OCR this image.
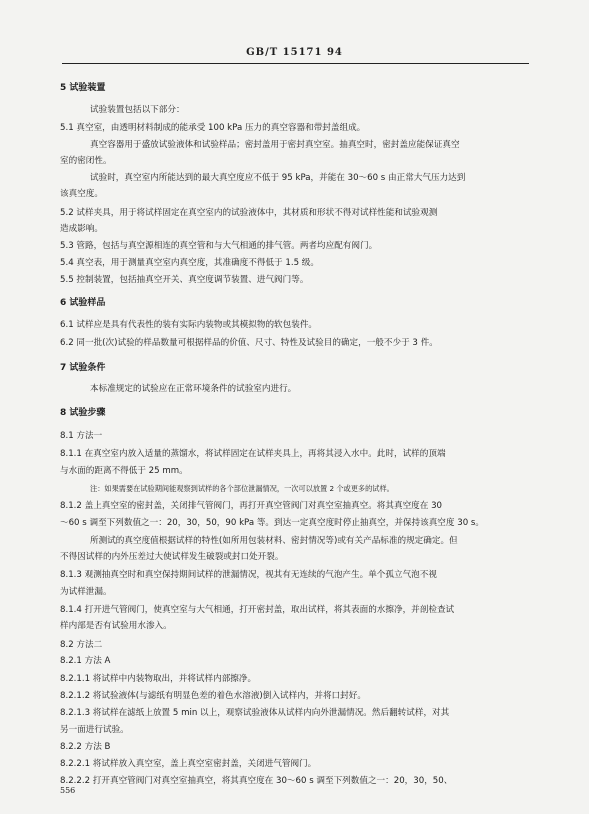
GB/T 15171 94
5 试验装置
试验装置包括以下部分：
5.1 真空室，由透明材料制成的能承受 100 kPa 压力的真空容器和带封盖组成。
真空容器用于盛放试验液体和试验样品；密封盖用于密封真空室。抽真空时，密封盖应能保证真空
室的密闭性。
试验时，真空室内所能达到的最大真空度应不低于 95 kPa，并能在 30～60 s 由正常大气压力达到
该真空度。
5.2 试样夹具，用于将试样固定在真空室内的试验液体中，其材质和形状不得对试样性能和试验观测
造成影响。
5.3 管路，包括与真空源相连的真空管和与大气相通的排气管。两者均应配有阀门。
5.4 真空表，用于测量真空室内真空度，其准确度不得低于 1.5 级。
5.5 控制装置，包括抽真空开关、真空度调节装置、进气阀门等。
6 试验样品
6.1 试样应是具有代表性的装有实际内装物或其模拟物的软包装件。
6.2 同一批(次)试验的样品数量可根据样品的价值、尺寸、特性及试验目的确定，一般不少于 3 件。
7 试验条件
本标准规定的试验应在正常环境条件的试验室内进行。
8 试验步骤
8.1 方法一
8.1.1 在真空室内放入适量的蒸馏水，将试样固定在试样夹具上，再将其浸入水中。此时，试样的顶端
与水面的距离不得低于 25 mm。
注：如果需要在试验期间能观察到试样的各个部位泄漏情况，一次可以放置 2 个或更多的试样。
8.1.2 盖上真空室的密封盖，关闭排气管阀门，再打开真空管阀门对真空室抽真空。将其真空度在 30
～60 s 调至下列数值之一：20，30，50，90 kPa 等。到达一定真空度时停止抽真空，并保持该真空度 30 s。
所测试的真空度值根据试样的特性(如所用包装材料、密封情况等)或有关产品标准的规定确定。但
不得因试样的内外压差过大使试样发生破裂或封口处开裂。
8.1.3 观测抽真空时和真空保持期间试样的泄漏情况，视其有无连续的气泡产生。单个孤立气泡不视
为试样泄漏。
8.1.4 打开进气管阀门，使真空室与大气相通，打开密封盖，取出试样，将其表面的水擦净，并剖检查试
样内部是否有试验用水渗入。
8.2 方法二
8.2.1 方法 A
8.2.1.1 将试样中内装物取出，并将试样内部擦净。
8.2.1.2 将试验液体(与滤纸有明显色差的着色水溶液)倒入试样内，并将口封好。
8.2.1.3 将试样在滤纸上放置 5 min 以上，观察试验液体从试样内向外泄漏情况。然后翻转试样，对其
另一面进行试验。
8.2.2 方法 B
8.2.2.1 将试样放入真空室，盖上真空室密封盖，关闭进气管阀门。
8.2.2.2 打开真空管阀门对真空室抽真空，将其真空度在 30～60 s 调至下列数值之一：20，30，50、
556
